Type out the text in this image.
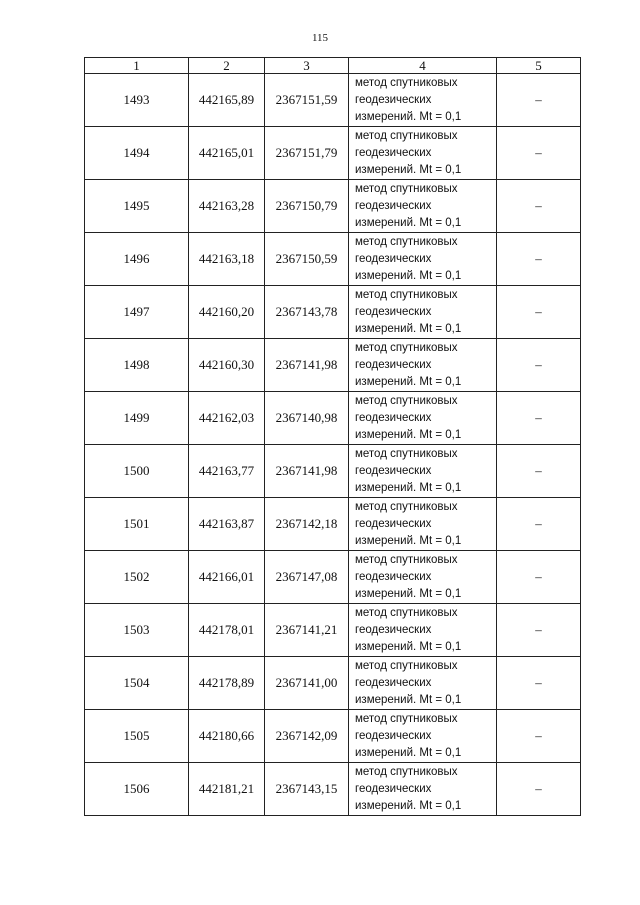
115
1	2	3	4	5
1493	442165,89	2367151,59	метод спутниковых
геодезических
измерений. Mt = 0,1	–
1494	442165,01	2367151,79	метод спутниковых
геодезических
измерений. Mt = 0,1	–
1495	442163,28	2367150,79	метод спутниковых
геодезических
измерений. Mt = 0,1	–
1496	442163,18	2367150,59	метод спутниковых
геодезических
измерений. Mt = 0,1	–
1497	442160,20	2367143,78	метод спутниковых
геодезических
измерений. Mt = 0,1	–
1498	442160,30	2367141,98	метод спутниковых
геодезических
измерений. Mt = 0,1	–
1499	442162,03	2367140,98	метод спутниковых
геодезических
измерений. Mt = 0,1	–
1500	442163,77	2367141,98	метод спутниковых
геодезических
измерений. Mt = 0,1	–
1501	442163,87	2367142,18	метод спутниковых
геодезических
измерений. Mt = 0,1	–
1502	442166,01	2367147,08	метод спутниковых
геодезических
измерений. Mt = 0,1	–
1503	442178,01	2367141,21	метод спутниковых
геодезических
измерений. Mt = 0,1	–
1504	442178,89	2367141,00	метод спутниковых
геодезических
измерений. Mt = 0,1	–
1505	442180,66	2367142,09	метод спутниковых
геодезических
измерений. Mt = 0,1	–
1506	442181,21	2367143,15	метод спутниковых
геодезических
измерений. Mt = 0,1	–
